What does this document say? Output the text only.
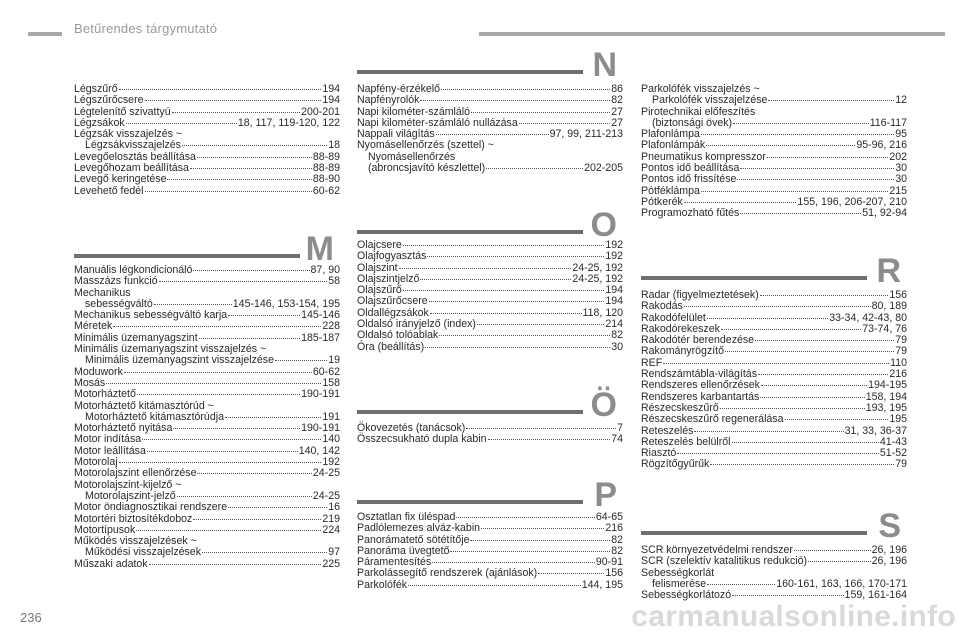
Betűrendes tárgymutató
Légszűrő	194
Légszűrőcsere	194
Légtelenítő szivattyú	200-201
Légzsákok	18, 117, 119-120, 122
Légzsák visszajelzés ~
Légzsákvisszajelzés	18
Levegőelosztás beállítása	88-89
Levegőhozam beállítása	88-89
Levegő keringetése	88-90
Levehető fedél	60-62
M
Manuális légkondicionáló	87, 90
Masszázs funkció	58
Mechanikus
sebességváltó	145-146, 153-154, 195
Mechanikus sebességváltó karja	145-146
Méretek	228
Minimális üzemanyagszint	185-187
Minimális üzemanyagszint visszajelzés ~
Minimális üzemanyagszint visszajelzése	19
Moduwork	60-62
Mosás	158
Motorháztető	190-191
Motorháztető kitámasztórúd ~
Motorháztető kitámasztórúdja	191
Motorháztető nyitása	190-191
Motor indítása	140
Motor leállítása	140, 142
Motorolaj	192
Motorolajszint ellenőrzése	24-25
Motorolajszint-kijelző ~
Motorolajszint-jelző	24-25
Motor öndiagnosztikai rendszere	16
Motortéri biztosítékdoboz	219
Motortípusok	224
Működés visszajelzések ~
Működési visszajelzések	97
Műszaki adatok	225
N
Napfény-érzékelő	86
Napfényrolók	82
Napi kilométer-számláló	27
Napi kilométer-számláló nullázása	27
Nappali világítás	97, 99, 211-213
Nyomásellenőrzés (szettel) ~
Nyomásellenőrzés
(abroncsjavító készlettel)	202-205
O
Olajcsere	192
Olajfogyasztás	192
Olajszint	24-25, 192
Olajszintjelző	24-25, 192
Olajszűrő	194
Olajszűrőcsere	194
Oldallégzsákok	118, 120
Oldalsó irányjelző (index)	214
Oldalsó tolóablak	82
Óra (beállítás)	30
Ö
Ökovezetés (tanácsok)	7
Összecsukható dupla kabin	74
P
Osztatlan fix üléspad	64-65
Padlólemezes alváz-kabin	216
Panorámatető sötétítője	82
Panoráma üvegtető	82
Páramentesítés	90-91
Parkolássegítő rendszerek (ajánlások)	156
Parkolófék	144, 195
Parkolófék visszajelzés ~
Parkolófék visszajelzése	12
Pirotechnikai előfeszítés
(biztonsági övek)	116-117
Plafonlámpa	95
Plafonlámpák	95-96, 216
Pneumatikus kompresszor	202
Pontos idő beállítása	30
Pontos idő frissítése	30
Pótféklámpa	215
Pótkerék	155, 196, 206-207, 210
Programozható fűtés	51, 92-94
R
Radar (figyelmeztetések)	156
Rakodás	80, 189
Rakodófelület	33-34, 42-43, 80
Rakodórekeszek	73-74, 76
Rakodótér berendezése	79
Rakományrögzítő	79
REF	110
Rendszámtábla-világítás	216
Rendszeres ellenőrzések	194-195
Rendszeres karbantartás	158, 194
Részecskeszűrő	193, 195
Részecskeszűrő regenerálása	195
Reteszelés	31, 33, 36-37
Reteszelés belülről	41-43
Riasztó	51-52
Rögzítőgyűrűk	79
S
SCR környezetvédelmi rendszer	26, 196
SCR (szelektív katalitikus redukció)	26, 196
Sebességkorlát
felismerése	160-161, 163, 166, 170-171
Sebességkorlátozó	159, 161-164
236	carmanualsonline.info
